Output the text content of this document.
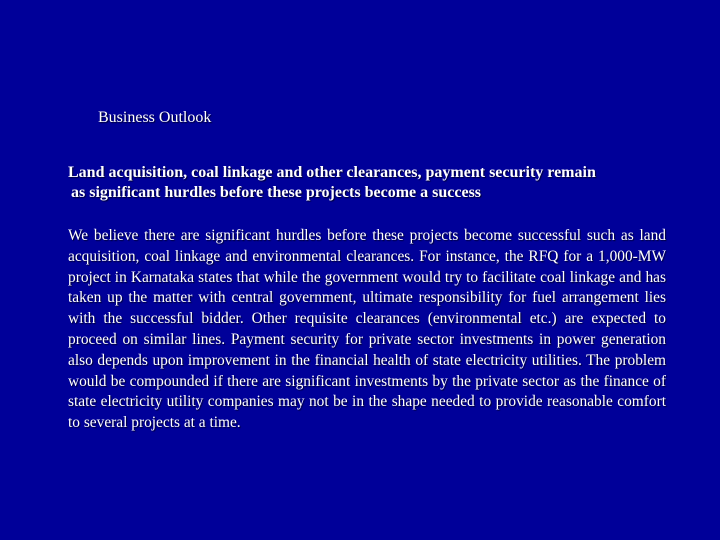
Business Outlook
Land acquisition, coal linkage and other clearances, payment security remain
as significant hurdles before these projects become a success
We believe there are significant hurdles before these projects become successful such as land acquisition, coal linkage and environmental clearances. For instance, the RFQ for a 1,000-MW project in Karnataka states that while the government would try to facilitate coal linkage and has taken up the matter with central government, ultimate responsibility for fuel arrangement lies with the successful bidder. Other requisite clearances (environmental etc.) are expected to proceed on similar lines. Payment security for private sector investments in power generation also depends upon improvement in the financial health of state electricity utilities. The problem would be compounded if there are significant investments by the private sector as the finance of state electricity utility companies may not be in the shape needed to provide reasonable comfort to several projects at a time.
